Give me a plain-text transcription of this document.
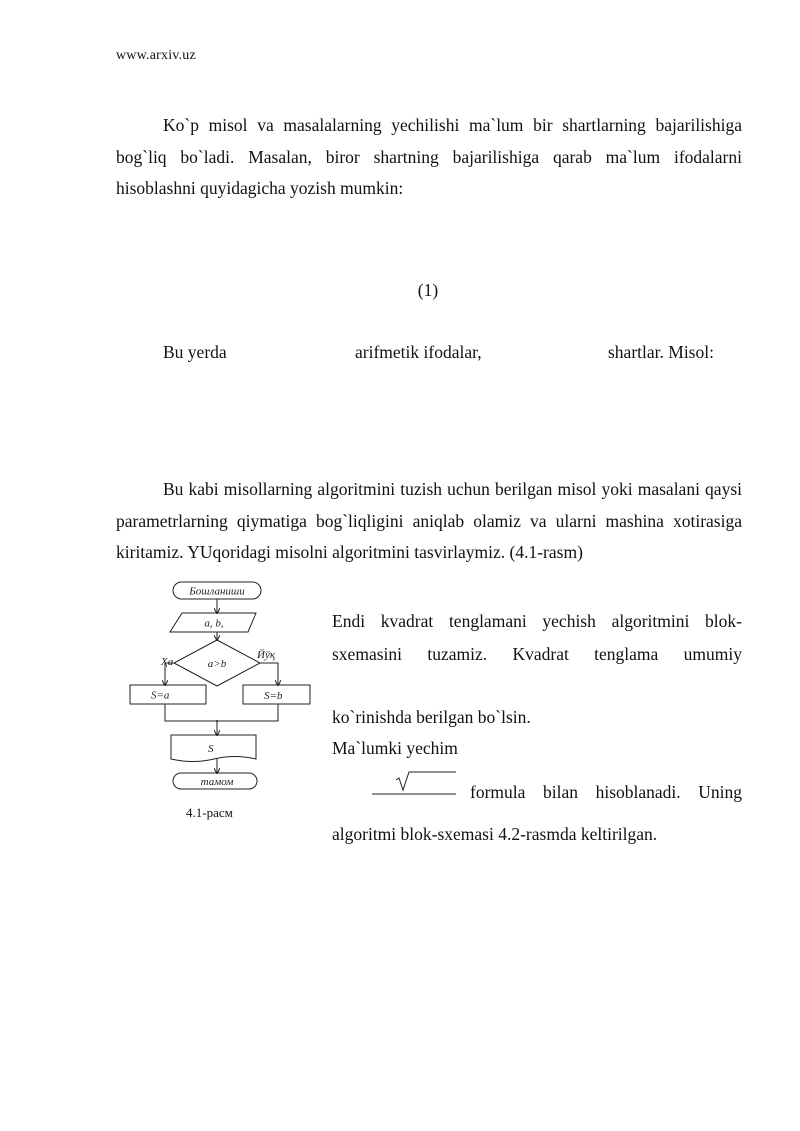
www.arxiv.uz

Ko`p misol va masalalarning yechilishi ma`lum bir shartlarning bajarilishiga bog`liq bo`ladi. Masalan, biror shartning bajarilishiga qarab ma`lum ifodalarni hisoblashni quyidagicha yozish mumkin:

(1)
Bu yerda	arifmetik ifodalar,	shartlar. Misol:

Bu kabi misollarning algoritmini tuzish uchun berilgan misol yoki masalani qaysi parametrlarning qiymatiga bog`liqligini aniqlab olamiz va ularni mashina xotirasiga kiritamiz. YUqoridagi misolni algoritmini tasvirlaymiz. (4.1-rasm)

Бошланиши
a, b,
a>b
Ҳа
Йўқ
S=a	S=b
S
тамом
4.1-расм
Endi kvadrat tenglamani yechish algoritmini blok-
sxemasini tuzamiz. Kvadrat tenglama umumiy
ko`rinishda berilgan bo`lsin.
Ma`lumki yechim
formula bilan hisoblanadi. Uning
algoritmi blok-sxemasi 4.2-rasmda keltirilgan.
